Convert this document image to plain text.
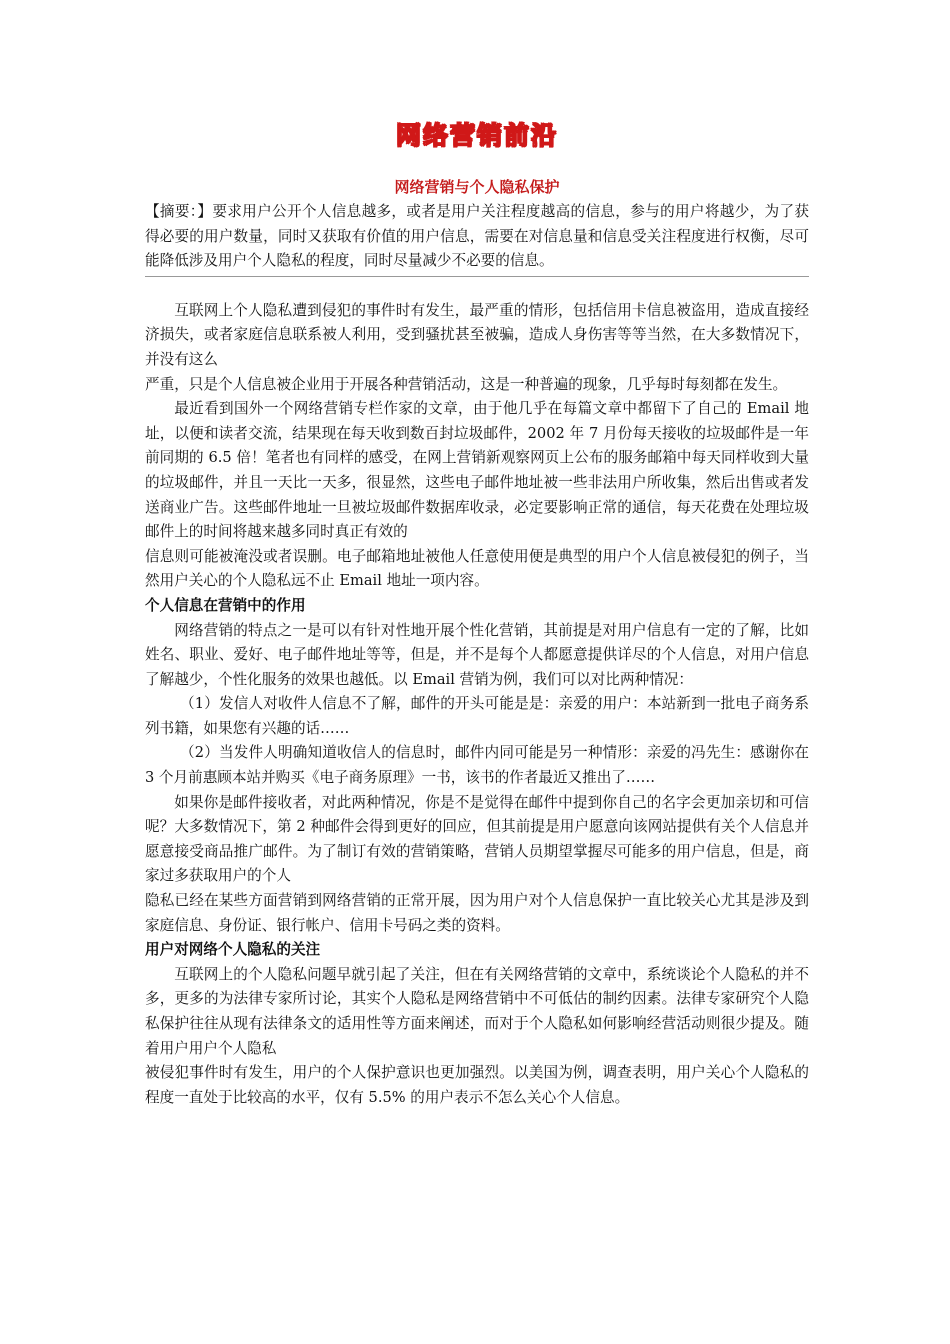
网络营销前沿
网络营销与个人隐私保护

【摘要：】要求用户公开个人信息越多，或者是用户关注程度越高的信息，参与的用户将越少，为了获得必要的用户数量，同时又获取有价值的用户信息，需要在对信息量和信息受关注程度进行权衡，尽可能降低涉及用户个人隐私的程度，同时尽量减少不必要的信息。

互联网上个人隐私遭到侵犯的事件时有发生，最严重的情形，包括信用卡信息被盗用，造成直接经济损失，或者家庭信息联系被人利用，受到骚扰甚至被骗，造成人身伤害等等当然，在大多数情况下，并没有这么

严重，只是个人信息被企业用于开展各种营销活动，这是一种普遍的现象，几乎每时每刻都在发生。

最近看到国外一个网络营销专栏作家的文章，由于他几乎在每篇文章中都留下了自己的 Email 地址，以便和读者交流，结果现在每天收到数百封垃圾邮件，2002 年 7 月份每天接收的垃圾邮件是一年前同期的 6.5 倍！笔者也有同样的感受，在网上营销新观察网页上公布的服务邮箱中每天同样收到大量的垃圾邮件，并且一天比一天多，很显然，这些电子邮件地址被一些非法用户所收集，然后出售或者发送商业广告。这些邮件地址一旦被垃圾邮件数据库收录，必定要影响正常的通信，每天花费在处理垃圾邮件上的时间将越来越多同时真正有效的

信息则可能被淹没或者误删。电子邮箱地址被他人任意使用便是典型的用户个人信息被侵犯的例子，当然用户关心的个人隐私远不止 Email 地址一项内容。

个人信息在营销中的作用

网络营销的特点之一是可以有针对性地开展个性化营销，其前提是对用户信息有一定的了解，比如姓名、职业、爱好、电子邮件地址等等，但是，并不是每个人都愿意提供详尽的个人信息，对用户信息了解越少，个性化服务的效果也越低。以 Email 营销为例，我们可以对比两种情况：

（1）发信人对收件人信息不了解，邮件的开头可能是是：亲爱的用户：本站新到一批电子商务系列书籍，如果您有兴趣的话……

（2）当发件人明确知道收信人的信息时，邮件内同可能是另一种情形：亲爱的冯先生：感谢你在 3 个月前惠顾本站并购买《电子商务原理》一书，该书的作者最近又推出了……

如果你是邮件接收者，对此两种情况，你是不是觉得在邮件中提到你自己的名字会更加亲切和可信呢？大多数情况下，第 2 种邮件会得到更好的回应，但其前提是用户愿意向该网站提供有关个人信息并愿意接受商品推广邮件。为了制订有效的营销策略，营销人员期望掌握尽可能多的用户信息，但是，商家过多获取用户的个人

隐私已经在某些方面营销到网络营销的正常开展，因为用户对个人信息保护一直比较关心尤其是涉及到家庭信息、身份证、银行帐户、信用卡号码之类的资料。

用户对网络个人隐私的关注

互联网上的个人隐私问题早就引起了关注，但在有关网络营销的文章中，系统谈论个人隐私的并不多，更多的为法律专家所讨论，其实个人隐私是网络营销中不可低估的制约因素。法律专家研究个人隐私保护往往从现有法律条文的适用性等方面来阐述，而对于个人隐私如何影响经营活动则很少提及。随着用户用户个人隐私

被侵犯事件时有发生，用户的个人保护意识也更加强烈。以美国为例，调查表明，用户关心个人隐私的程度一直处于比较高的水平，仅有 5.5% 的用户表示不怎么关心个人信息。
